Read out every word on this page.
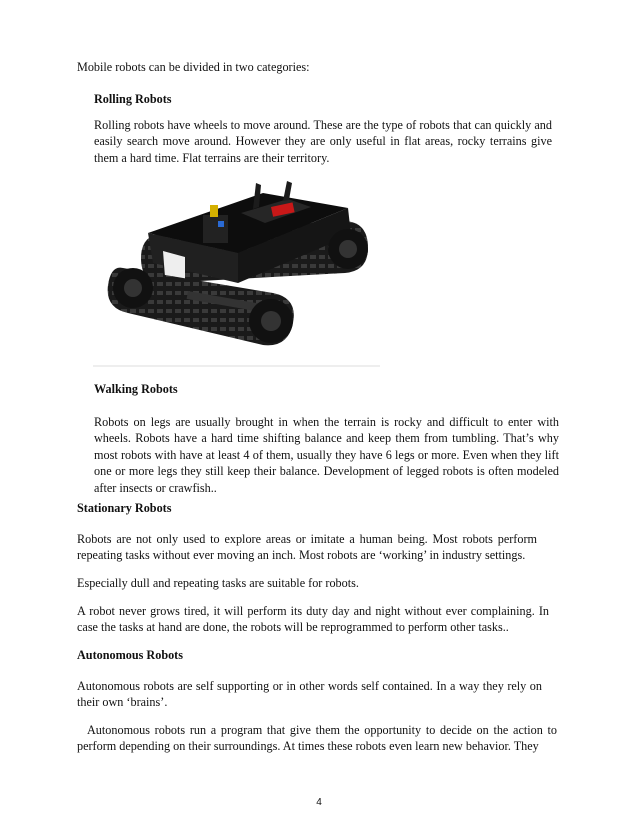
Mobile robots can be divided in two categories:

Rolling Robots

Rolling robots have wheels to move around. These are the type of robots that can quickly and easily search move around. However they are only useful in flat areas, rocky terrains give them a hard time. Flat terrains are their territory.

Walking Robots

Robots on legs are usually brought in when the terrain is rocky and difficult to enter with wheels. Robots have a hard time shifting balance and keep them from tumbling. That’s why most robots with have at least 4 of them, usually they have 6 legs or more. Even when they lift one or more legs they still keep their balance. Development of legged robots is often modeled after insects or crawfish..

Stationary Robots

Robots are not only used to explore areas or imitate a human being. Most robots perform repeating tasks without ever moving an inch. Most robots are ‘working’ in industry settings.

Especially dull and repeating tasks are suitable for robots.

A robot never grows tired, it will perform its duty day and night without ever complaining. In case the tasks at hand are done, the robots will be reprogrammed to perform other tasks..

Autonomous Robots

Autonomous robots are self supporting or in other words self contained. In a way they rely on their own ‘brains’.

Autonomous robots run a program that give them the opportunity to decide on the action to perform depending on their surroundings. At times these robots even learn new behavior. They

4
